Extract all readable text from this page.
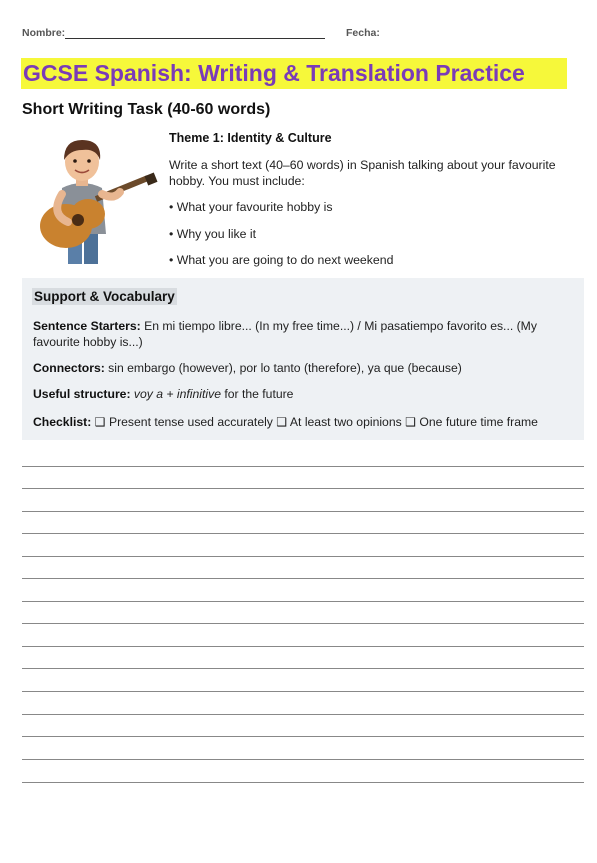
Nombre:	Fecha:
GCSE Spanish: Writing & Translation Practice
Short Writing Task (40-60 words)
Theme 1: Identity & Culture
Write a short text (40–60 words) in Spanish talking about your favourite hobby. You must include:
• What your favourite hobby is
• Why you like it
• What you are going to do next weekend
Support & Vocabulary
Sentence Starters: En mi tiempo libre... (In my free time...) / Mi pasatiempo favorito es... (My favourite hobby is...)
Connectors: sin embargo (however), por lo tanto (therefore), ya que (because)
Useful structure: voy a + infinitive for the future
Checklist: ❑ Present tense used accurately ❑ At least two opinions ❑ One future time frame
